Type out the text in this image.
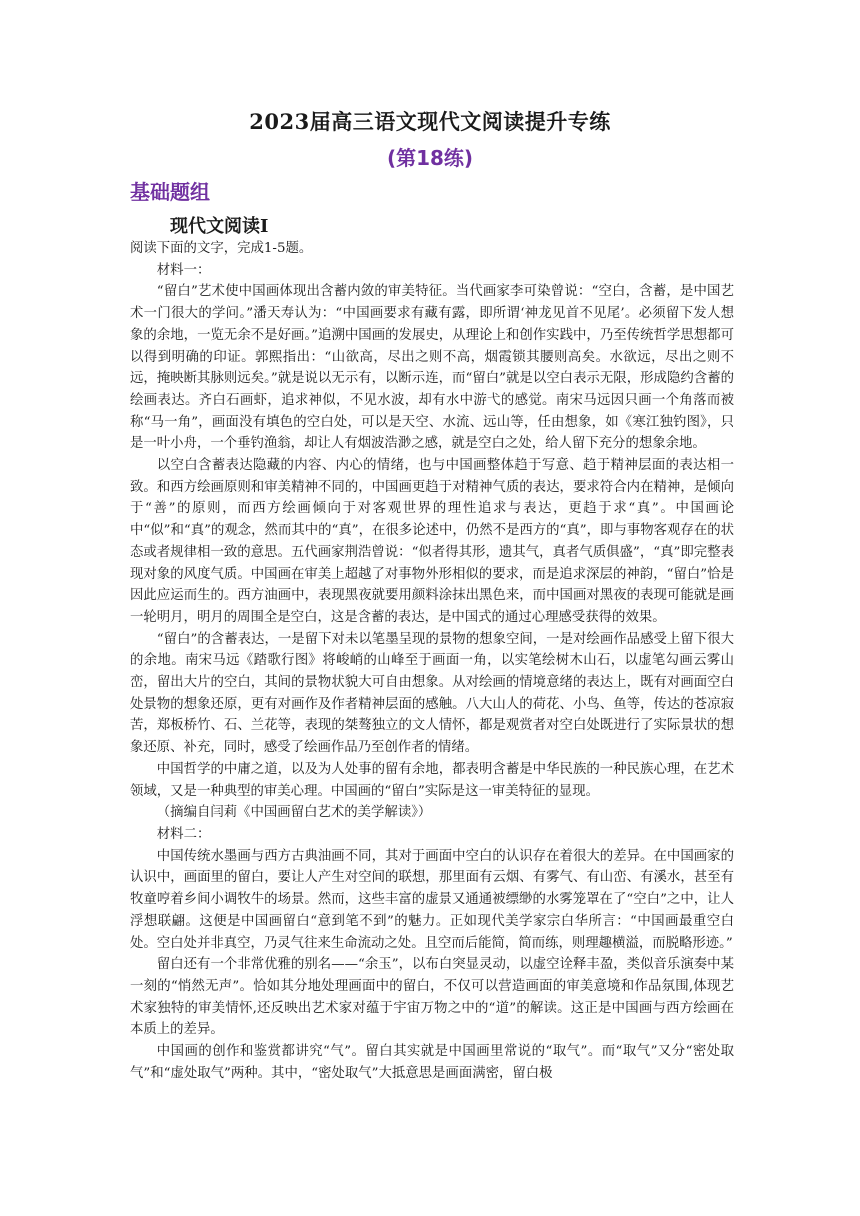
2023届高三语文现代文阅读提升专练
(第18练)
基础题组
现代文阅读Ⅰ

阅读下面的文字，完成1-5题。

材料一：

“留白”艺术使中国画体现出含蓄内敛的审美特征。当代画家李可染曾说：“空白，含蓄，是中国艺术一门很大的学问。”潘天寿认为：“中国画要求有藏有露，即所谓‘神龙见首不见尾’。必须留下发人想象的余地，一览无余不是好画。”追溯中国画的发展史，从理论上和创作实践中，乃至传统哲学思想都可以得到明确的印证。郭熙指出：“山欲高，尽出之则不高，烟霞锁其腰则高矣。水欲远，尽出之则不远，掩映断其脉则远矣。”就是说以无示有，以断示连，而“留白”就是以空白表示无限，形成隐约含蓄的绘画表达。齐白石画虾，追求神似，不见水波，却有水中游弋的感觉。南宋马远因只画一个角落而被称“马一角”，画面没有填色的空白处，可以是天空、水流、远山等，任由想象，如《寒江独钓图》，只是一叶小舟，一个垂钓渔翁，却让人有烟波浩渺之感，就是空白之处，给人留下充分的想象余地。

以空白含蓄表达隐藏的内容、内心的情绪，也与中国画整体趋于写意、趋于精神层面的表达相一致。和西方绘画原则和审美精神不同的，中国画更趋于对精神气质的表达，要求符合内在精神，是倾向于“善”的原则，而西方绘画倾向于对客观世界的理性追求与表达，更趋于求“真”。中国画论中“似”和“真”的观念，然而其中的“真”，在很多论述中，仍然不是西方的“真”，即与事物客观存在的状态或者规律相一致的意思。五代画家荆浩曾说：“似者得其形，遗其气，真者气质俱盛”，“真”即完整表现对象的风度气质。中国画在审美上超越了对事物外形相似的要求，而是追求深层的神韵，“留白”恰是因此应运而生的。西方油画中，表现黑夜就要用颜料涂抹出黑色来，而中国画对黑夜的表现可能就是画一轮明月，明月的周围全是空白，这是含蓄的表达，是中国式的通过心理感受获得的效果。

“留白”的含蓄表达，一是留下对未以笔墨呈现的景物的想象空间，一是对绘画作品感受上留下很大的余地。南宋马远《踏歌行图》将峻峭的山峰至于画面一角，以实笔绘树木山石，以虚笔勾画云雾山峦，留出大片的空白，其间的景物状貌大可自由想象。从对绘画的情境意绪的表达上，既有对画面空白处景物的想象还原，更有对画作及作者精神层面的感触。八大山人的荷花、小鸟、鱼等，传达的苍凉寂苦，郑板桥竹、石、兰花等，表现的桀骜独立的文人情怀，都是观赏者对空白处既进行了实际景状的想象还原、补充，同时，感受了绘画作品乃至创作者的情绪。

中国哲学的中庸之道，以及为人处事的留有余地，都表明含蓄是中华民族的一种民族心理，在艺术领域，又是一种典型的审美心理。中国画的“留白”实际是这一审美特征的显现。

（摘编自闫莉《中国画留白艺术的美学解读》）

材料二：

中国传统水墨画与西方古典油画不同，其对于画面中空白的认识存在着很大的差异。在中国画家的认识中，画面里的留白，要让人产生对空间的联想，那里面有云烟、有雾气、有山峦、有溪水，甚至有牧童哼着乡间小调牧牛的场景。然而，这些丰富的虚景又通通被缥缈的水雾笼罩在了“空白”之中，让人浮想联翩。这便是中国画留白“意到笔不到”的魅力。正如现代美学家宗白华所言：“中国画最重空白处。空白处并非真空，乃灵气往来生命流动之处。且空而后能简，简而练，则理趣横溢，而脱略形迹。”

留白还有一个非常优雅的别名——“余玉”，以布白突显灵动，以虚空诠释丰盈，类似音乐演奏中某一刻的“悄然无声”。恰如其分地处理画面中的留白，不仅可以营造画面的审美意境和作品氛围,体现艺术家独特的审美情怀,还反映出艺术家对蕴于宇宙万物之中的“道”的解读。这正是中国画与西方绘画在本质上的差异。

中国画的创作和鉴赏都讲究“气”。留白其实就是中国画里常说的“取气”。而“取气”又分“密处取气”和“虚处取气”两种。其中，“密处取气”大抵意思是画面满密，留白极
